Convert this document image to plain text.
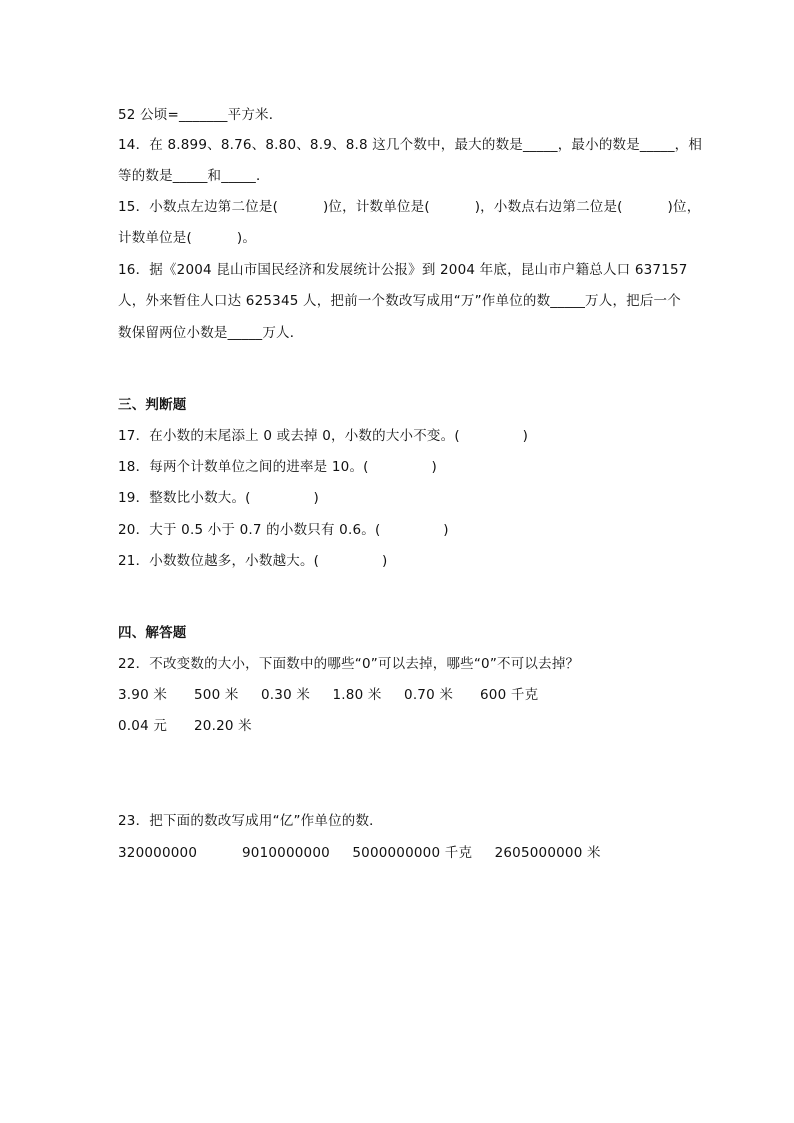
52 公顷=_______平方米．
14．在 8.899、8.76、8.80、8.9、8.8 这几个数中，最大的数是_____，最小的数是_____，相
等的数是_____和_____．
15．小数点左边第二位是(          )位，计数单位是(          )，小数点右边第二位是(          )位，
计数单位是(          )。
16．据《2004 昆山市国民经济和发展统计公报》到 2004 年底，昆山市户籍总人口 637157
人，外来暂住人口达 625345 人，把前一个数改写成用“万”作单位的数_____万人，把后一个
数保留两位小数是_____万人．
三、判断题
17．在小数的末尾添上 0 或去掉 0，小数的大小不变。(              )
18．每两个计数单位之间的进率是 10。(              )
19．整数比小数大。(              )
20．大于 0.5 小于 0.7 的小数只有 0.6。(              )
21．小数数位越多，小数越大。(              )
四、解答题
22．不改变数的大小，下面数中的哪些“0”可以去掉，哪些“0”不可以去掉？
3.90 米      500 米     0.30 米     1.80 米     0.70 米      600 千克
0.04 元      20.20 米
23．把下面的数改写成用“亿”作单位的数．
320000000          9010000000     5000000000 千克     2605000000 米
